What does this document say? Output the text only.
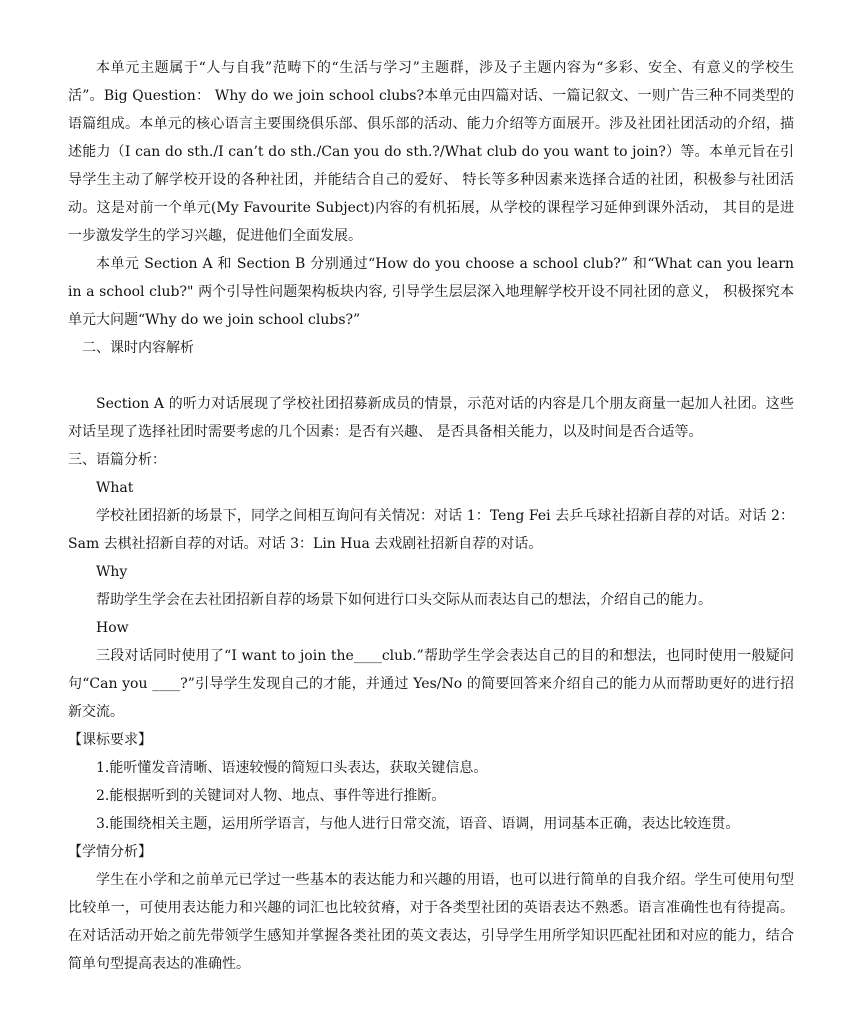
本单元主题属于“人与自我”范畴下的“生活与学习”主题群，涉及子主题内容为“多彩、安全、有意义的学校生活”。Big Question： Why do we join school clubs?本单元由四篇对话、一篇记叙文、一则广告三种不同类型的语篇组成。本单元的核心语言主要围绕俱乐部、俱乐部的活动、能力介绍等方面展开。涉及社团社团活动的介绍，描述能力（I can do sth./I can’t do sth./Can you do sth.?/What club do you want to join?）等。本单元旨在引导学生主动了解学校开设的各种社团，并能结合自己的爱好、 特长等多种因素来选择合适的社团，积极参与社团活动。这是对前一个单元(My Favourite Subject)内容的有机拓展，从学校的课程学习延伸到课外活动， 其目的是进一步激发学生的学习兴趣，促进他们全面发展。

本单元 Section A 和 Section B 分别通过“How do you choose a school club?” 和“What can you learn in a school club?" 两个引导性问题架构板块内容, 引导学生层层深入地理解学校开设不同社团的意义， 积极探究本单元大问题“Why do we join school clubs?”

二、课时内容解析

Section A 的听力对话展现了学校社团招募新成员的情景，示范对话的内容是几个朋友商量一起加人社团。这些对话呈现了选择社团时需要考虑的几个因素：是否有兴趣、 是否具备相关能力，以及时间是否合适等。

三、语篇分析：

What

学校社团招新的场景下，同学之间相互询问有关情况：对话 1：Teng Fei 去乒乓球社招新自荐的对话。对话 2：Sam 去棋社招新自荐的对话。对话 3：Lin Hua 去戏剧社招新自荐的对话。

Why

帮助学生学会在去社团招新自荐的场景下如何进行口头交际从而表达自己的想法，介绍自己的能力。

How

三段对话同时使用了“I want to join the____club.”帮助学生学会表达自己的目的和想法，也同时使用一般疑问句“Can you ____?”引导学生发现自己的才能，并通过 Yes/No 的简要回答来介绍自己的能力从而帮助更好的进行招新交流。

【课标要求】

1.能听懂发音清晰、语速较慢的简短口头表达，获取关键信息。

2.能根据听到的关键词对人物、地点、事件等进行推断。

3.能围绕相关主题，运用所学语言，与他人进行日常交流，语音、语调，用词基本正确，表达比较连贯。

【学情分析】

学生在小学和之前单元已学过一些基本的表达能力和兴趣的用语，也可以进行简单的自我介绍。学生可使用句型比较单一，可使用表达能力和兴趣的词汇也比较贫瘠，对于各类型社团的英语表达不熟悉。语言准确性也有待提高。在对话活动开始之前先带领学生感知并掌握各类社团的英文表达，引导学生用所学知识匹配社团和对应的能力，结合简单句型提高表达的准确性。
